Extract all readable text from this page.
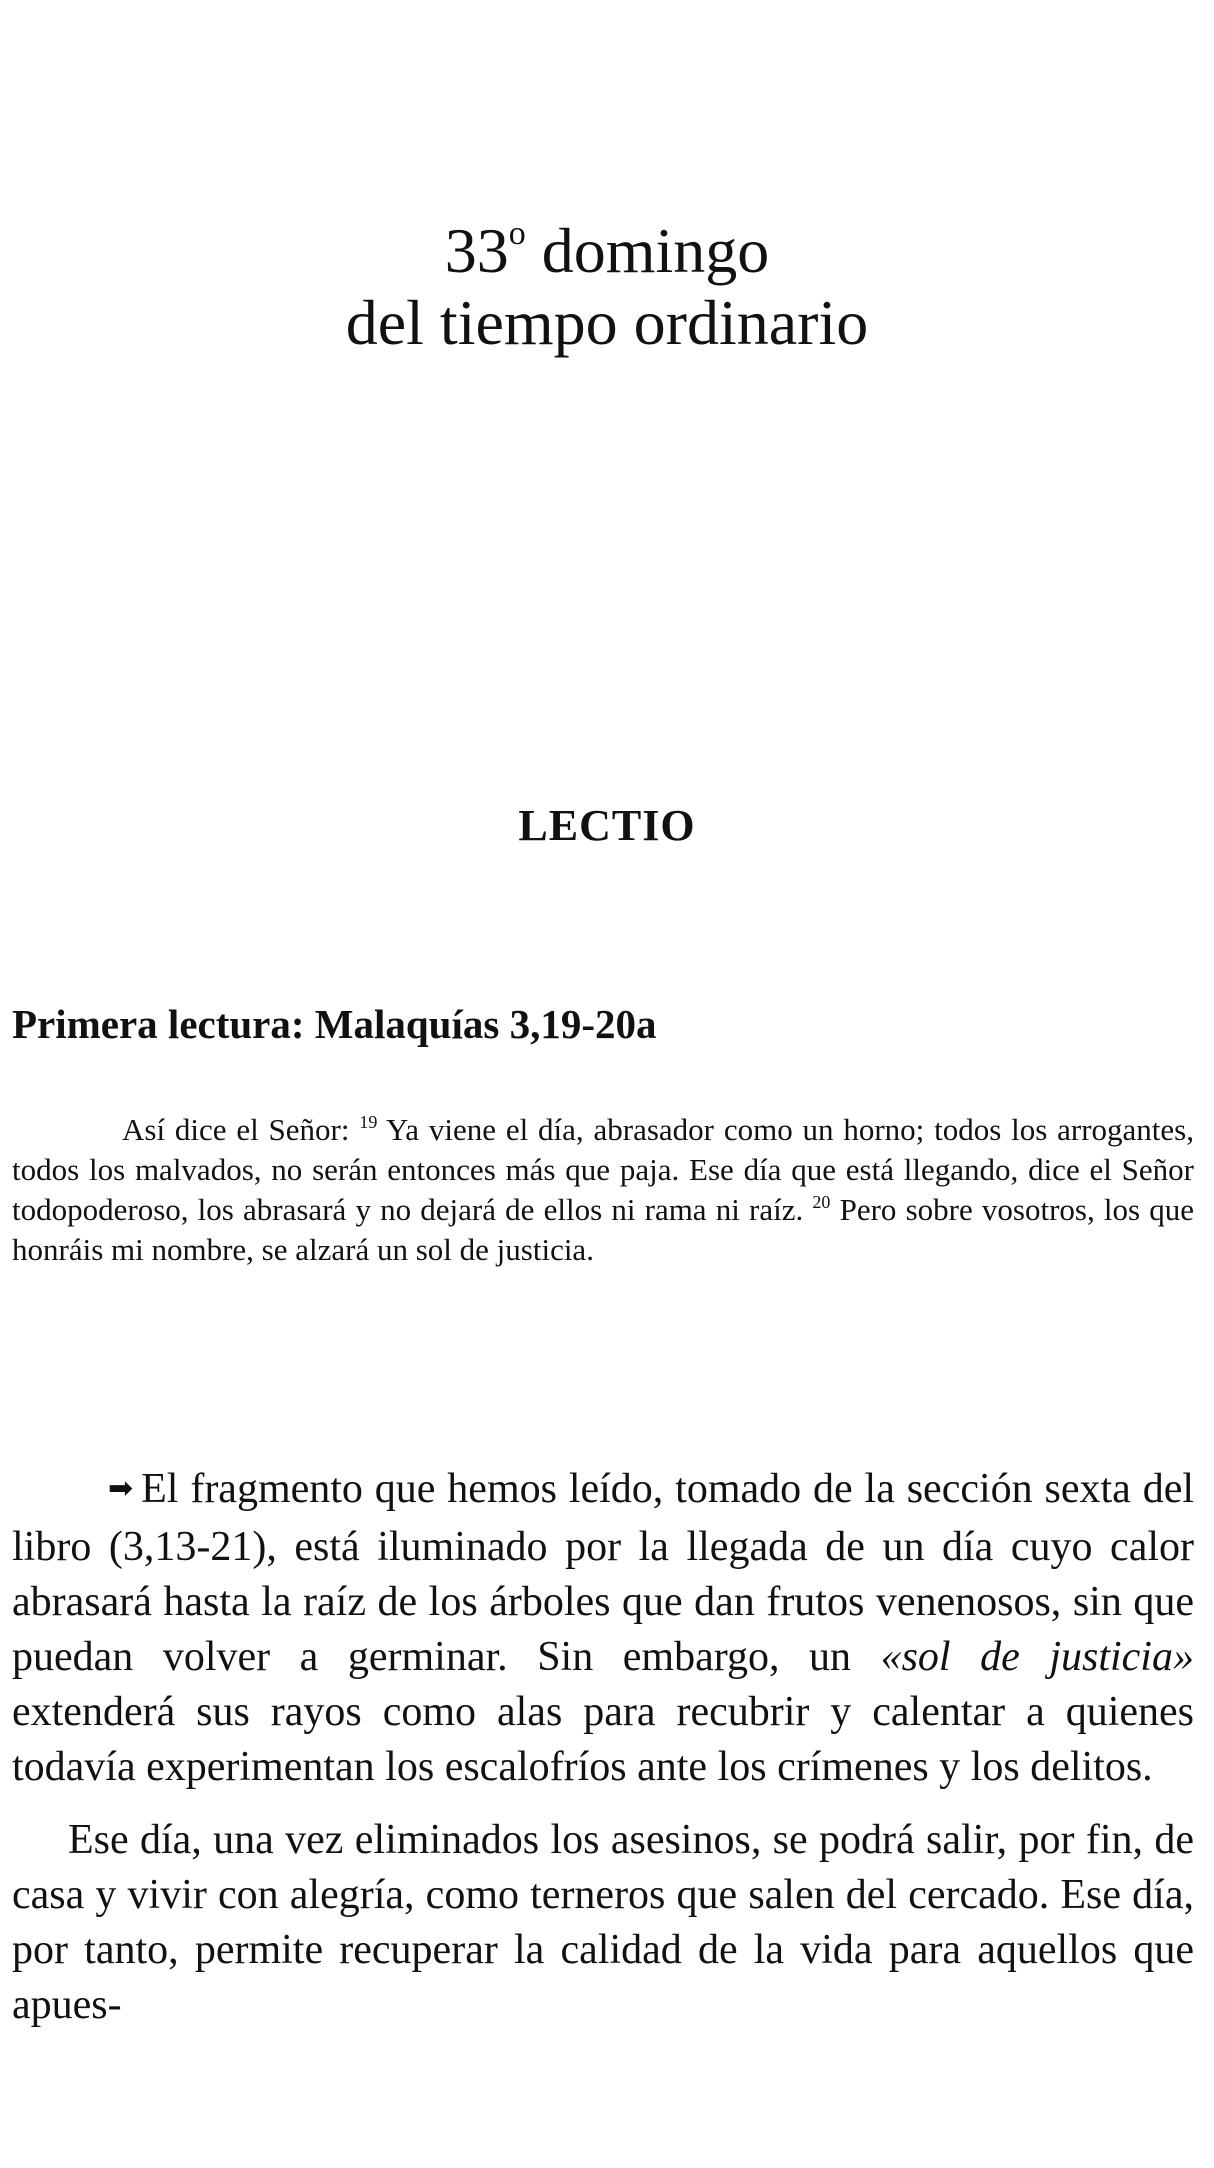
33$^o$ domingo
del tiempo ordinario
LECTIO
Primera lectura: Malaquías 3,19-20a
Así dice el Señor: $^{19}$ Ya viene el día, abrasador como un horno; todos los arrogantes, todos los malvados, no serán entonces más que paja. Ese día que está llegando, dice el Señor todopoderoso, los abrasará y no dejará de ellos ni rama ni raíz. $^{20}$ Pero sobre vosotros, los que honráis mi nombre, se alzará un sol de justicia.

➡ El fragmento que hemos leído, tomado de la sección sexta del libro (3,13-21), está iluminado por la llegada de un día cuyo calor abrasará hasta la raíz de los árboles que dan frutos venenosos, sin que puedan volver a germinar. Sin embargo, un «sol de justicia» extenderá sus rayos como alas para recubrir y calentar a quienes todavía experimentan los escalofríos ante los crímenes y los delitos.

Ese día, una vez eliminados los asesinos, se podrá salir, por fin, de casa y vivir con alegría, como terneros que salen del cercado. Ese día, por tanto, permite recuperar la calidad de la vida para aquellos que apues-
